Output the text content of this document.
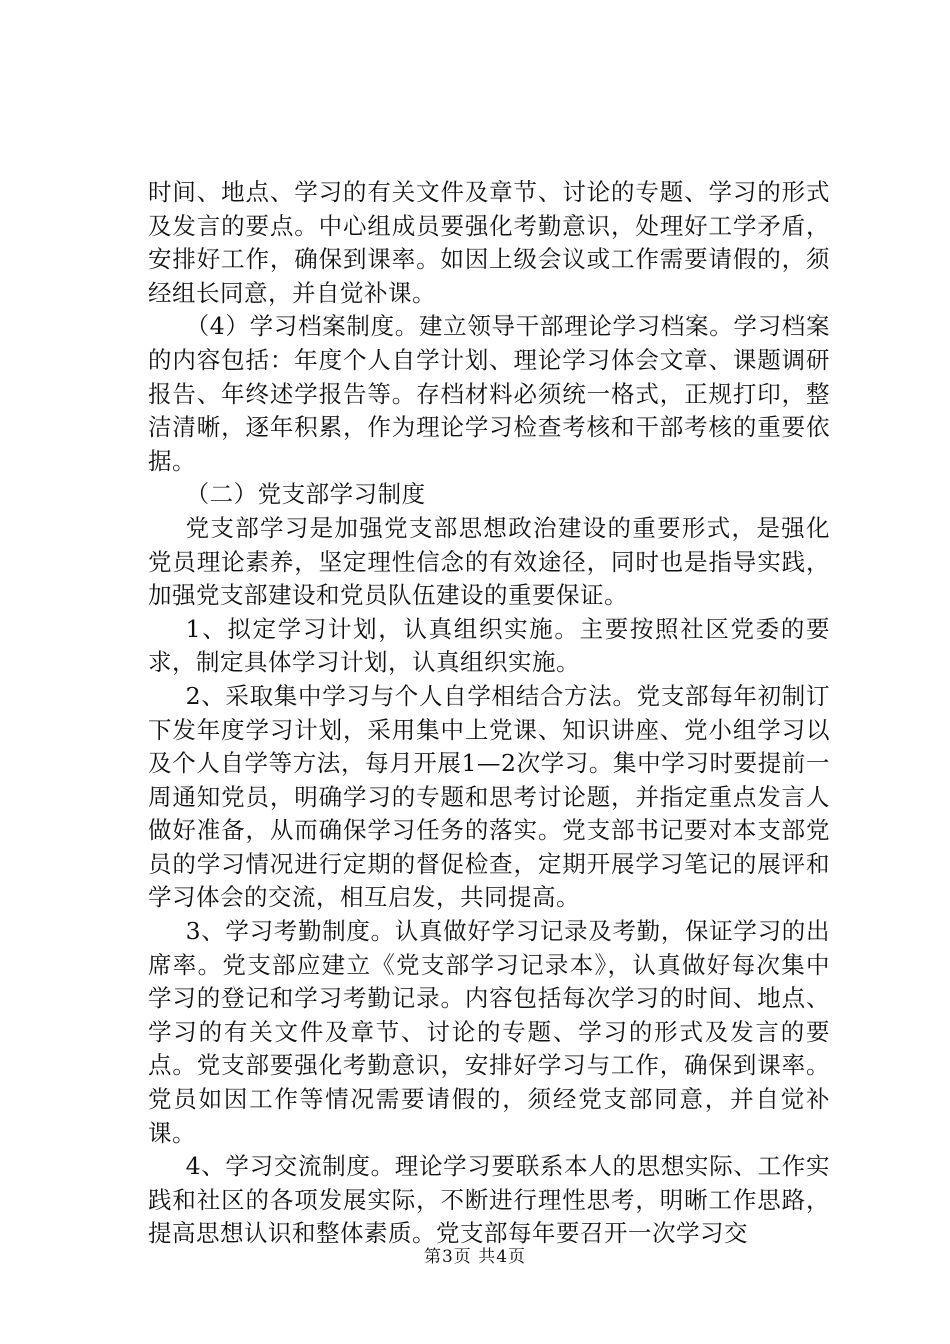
时间、地点、学习的有关文件及章节、讨论的专题、学习的形式及发言的要点。中心组成员要强化考勤意识，处理好工学矛盾，安排好工作，确保到课率。如因上级会议或工作需要请假的，须经组长同意，并自觉补课。

（4）学习档案制度。建立领导干部理论学习档案。学习档案的内容包括：年度个人自学计划、理论学习体会文章、课题调研报告、年终述学报告等。存档材料必须统一格式，正规打印，整洁清晰，逐年积累，作为理论学习检查考核和干部考核的重要依据。

（二）党支部学习制度

党支部学习是加强党支部思想政治建设的重要形式，是强化党员理论素养，坚定理性信念的有效途径，同时也是指导实践，加强党支部建设和党员队伍建设的重要保证。

1、拟定学习计划，认真组织实施。主要按照社区党委的要求，制定具体学习计划，认真组织实施。

2、采取集中学习与个人自学相结合方法。党支部每年初制订下发年度学习计划，采用集中上党课、知识讲座、党小组学习以及个人自学等方法，每月开展1—2次学习。集中学习时要提前一周通知党员，明确学习的专题和思考讨论题，并指定重点发言人做好准备，从而确保学习任务的落实。党支部书记要对本支部党员的学习情况进行定期的督促检查，定期开展学习笔记的展评和学习体会的交流，相互启发，共同提高。

3、学习考勤制度。认真做好学习记录及考勤，保证学习的出席率。党支部应建立《党支部学习记录本》，认真做好每次集中学习的登记和学习考勤记录。内容包括每次学习的时间、地点、学习的有关文件及章节、讨论的专题、学习的形式及发言的要点。党支部要强化考勤意识，安排好学习与工作，确保到课率。党员如因工作等情况需要请假的，须经党支部同意，并自觉补课。

4、学习交流制度。理论学习要联系本人的思想实际、工作实践和社区的各项发展实际，不断进行理性思考，明晰工作思路，提高思想认识和整体素质。党支部每年要召开一次学习交

第3页 共4页
